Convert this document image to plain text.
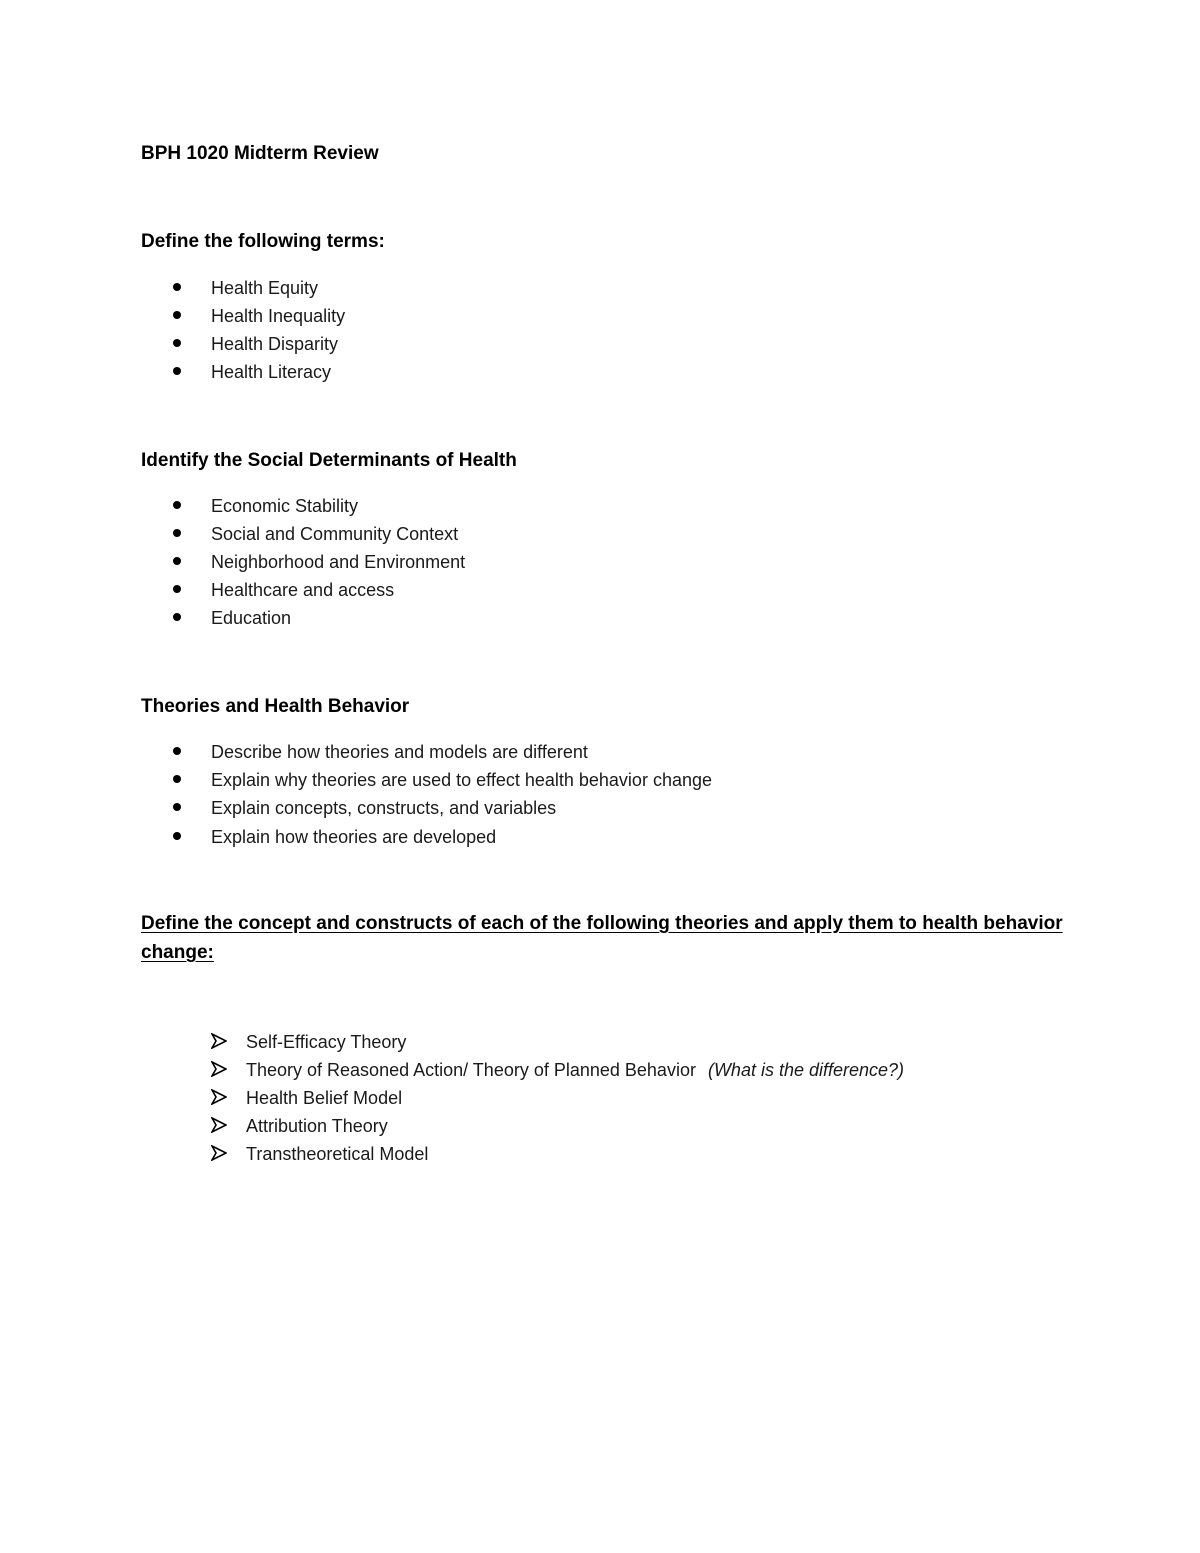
BPH 1020 Midterm Review
Define the following terms:
Health Equity
Health Inequality
Health Disparity
Health Literacy
Identify the Social Determinants of Health
Economic Stability
Social and Community Context
Neighborhood and Environment
Healthcare and access
Education
Theories and Health Behavior
Describe how theories and models are different
Explain why theories are used to effect health behavior change
Explain concepts, constructs, and variables
Explain how theories are developed
Define the concept and constructs of each of the following theories and apply them to health behavior
change:
Self-Efficacy Theory
Theory of Reasoned Action/ Theory of Planned Behavior (What is the difference?)
Health Belief Model
Attribution Theory
Transtheoretical Model
